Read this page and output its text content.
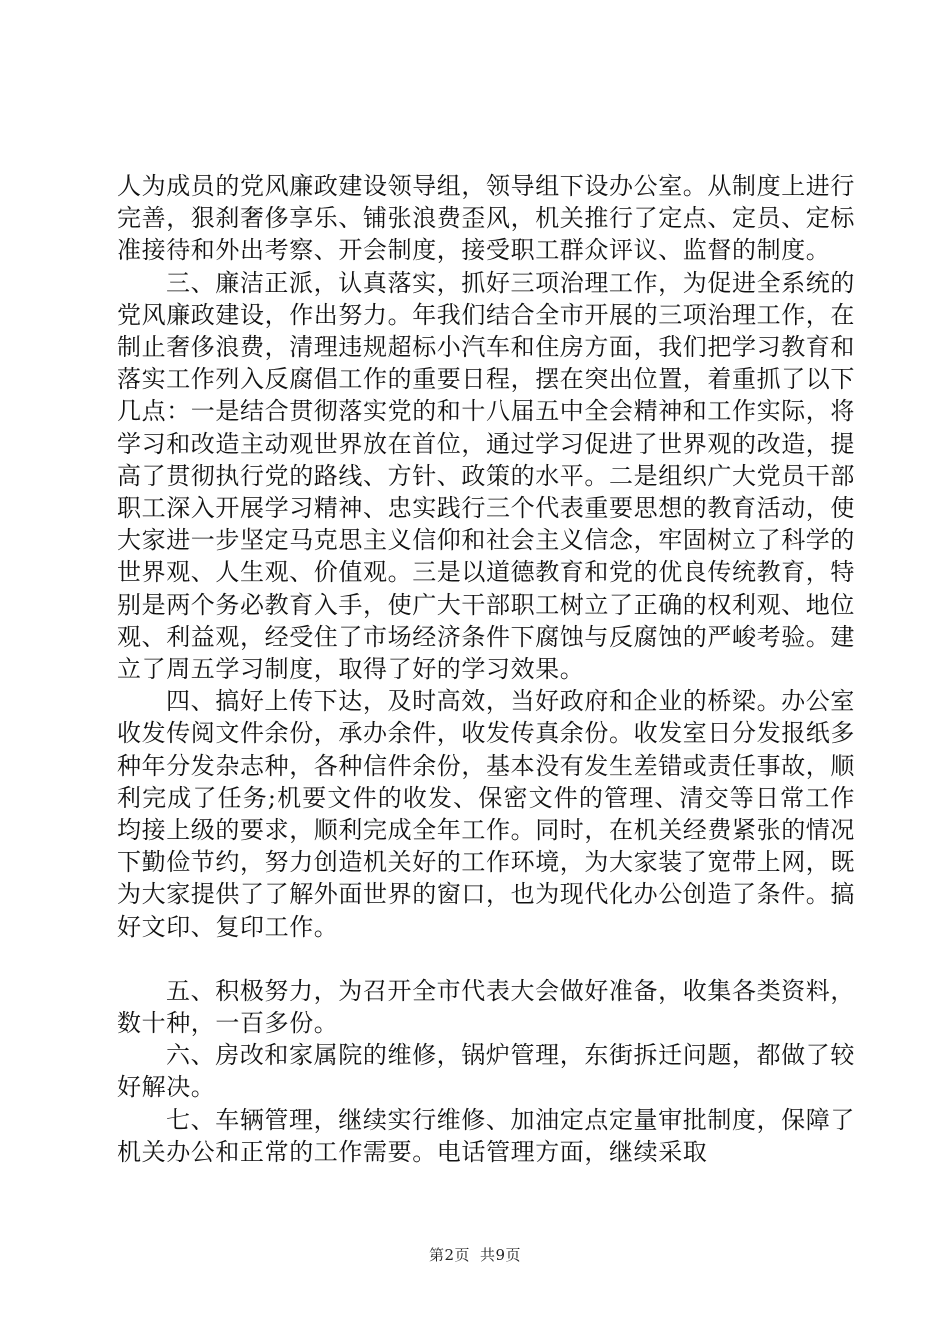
人为成员的党风廉政建设领导组，领导组下设办公室。从制度上进行完善，狠刹奢侈享乐、铺张浪费歪风，机关推行了定点、定员、定标准接待和外出考察、开会制度，接受职工群众评议、监督的制度。

三、廉洁正派，认真落实，抓好三项治理工作，为促进全系统的党风廉政建设，作出努力。年我们结合全市开展的三项治理工作，在制止奢侈浪费，清理违规超标小汽车和住房方面，我们把学习教育和落实工作列入反腐倡工作的重要日程，摆在突出位置，着重抓了以下几点：一是结合贯彻落实党的和十八届五中全会精神和工作实际，将学习和改造主动观世界放在首位，通过学习促进了世界观的改造，提高了贯彻执行党的路线、方针、政策的水平。二是组织广大党员干部职工深入开展学习精神、忠实践行三个代表重要思想的教育活动，使大家进一步坚定马克思主义信仰和社会主义信念，牢固树立了科学的世界观、人生观、价值观。三是以道德教育和党的优良传统教育，特别是两个务必教育入手，使广大干部职工树立了正确的权利观、地位观、利益观，经受住了市场经济条件下腐蚀与反腐蚀的严峻考验。建立了周五学习制度，取得了好的学习效果。

四、搞好上传下达，及时高效，当好政府和企业的桥梁。办公室收发传阅文件余份，承办余件，收发传真余份。收发室日分发报纸多种年分发杂志种，各种信件余份，基本没有发生差错或责任事故，顺利完成了任务;机要文件的收发、保密文件的管理、清交等日常工作均接上级的要求，顺利完成全年工作。同时，在机关经费紧张的情况下勤俭节约，努力创造机关好的工作环境，为大家装了宽带上网，既为大家提供了了解外面世界的窗口，也为现代化办公创造了条件。搞好文印、复印工作。

五、积极努力，为召开全市代表大会做好准备，收集各类资料，数十种，一百多份。

六、房改和家属院的维修，锅炉管理，东街拆迁问题，都做了较好解决。

七、车辆管理，继续实行维修、加油定点定量审批制度，保障了机关办公和正常的工作需要。电话管理方面，继续采取

第2页 共9页
